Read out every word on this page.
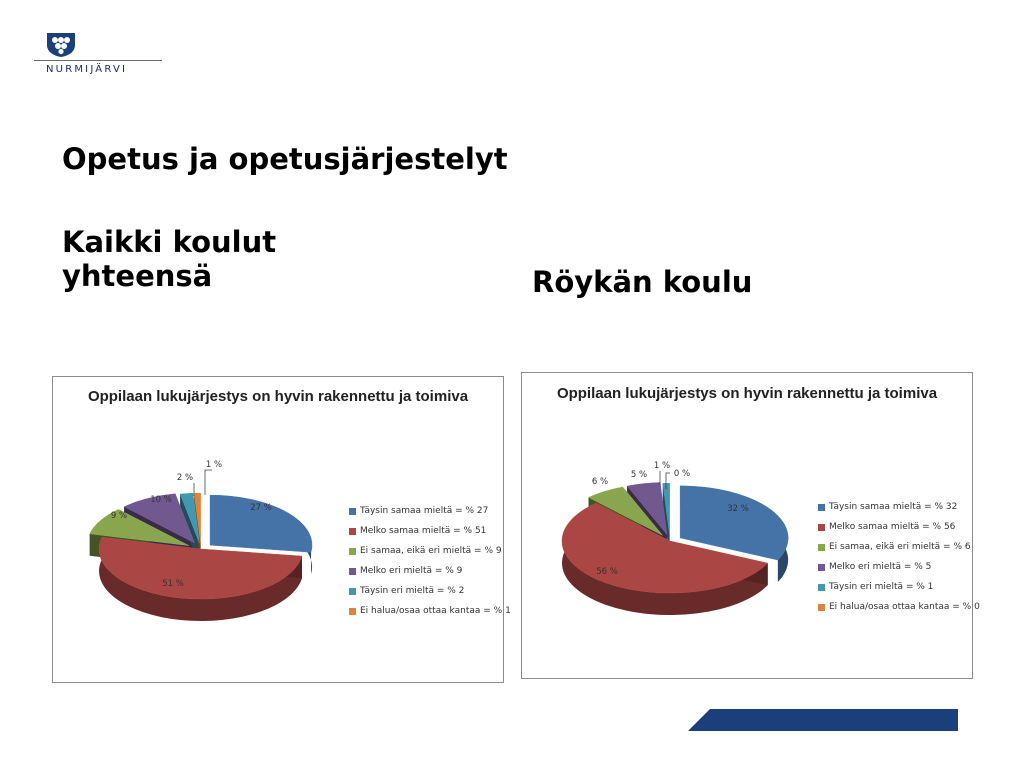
NURMIJÄRVI
Opetus ja opetusjärjestelyt
Kaikki koulut
yhteensä	Röykän koulu
Oppilaan lukujärjestys on hyvin rakennettu ja toimiva
27 %
51 %
9 %
10 %
2 %
1 %
Täysin samaa mieltä = % 27
Melko samaa mieltä = % 51
Ei samaa, eikä eri mieltä = % 9
Melko eri mieltä = % 9
Täysin eri mieltä = % 2
Ei halua/osaa ottaa kantaa = % 1
Oppilaan lukujärjestys on hyvin rakennettu ja toimiva
32 %
56 %
6 %
5 %
1 %
0 %
Täysin samaa mieltä = % 32
Melko samaa mieltä = % 56
Ei samaa, eikä eri mieltä = % 6
Melko eri mieltä = % 5
Täysin eri mieltä = % 1
Ei halua/osaa ottaa kantaa = % 0
